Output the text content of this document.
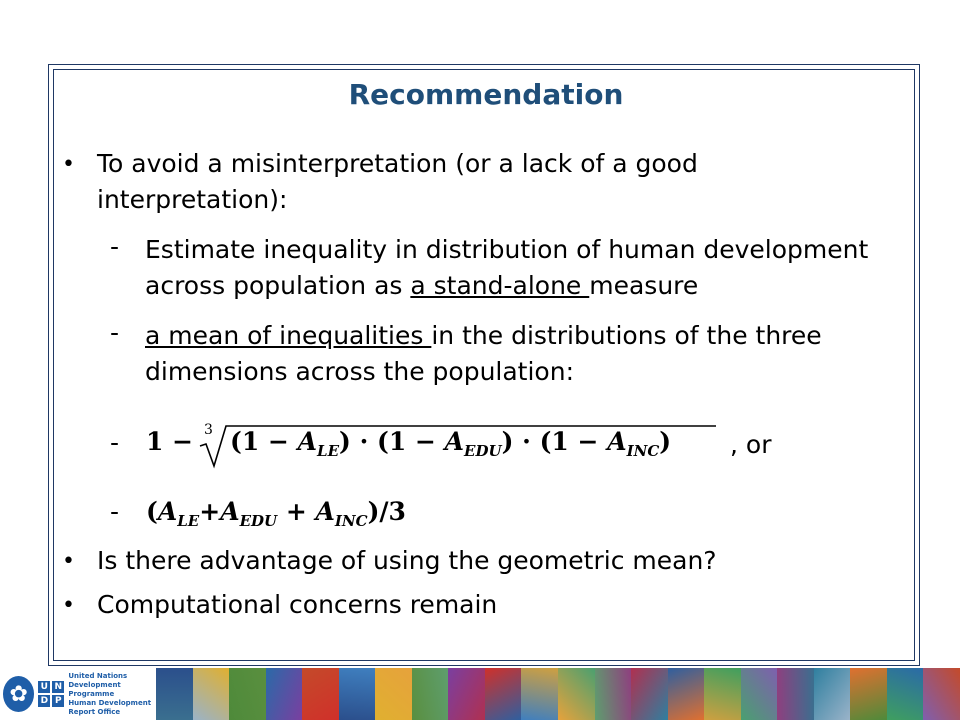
Recommendation
• To avoid a misinterpretation (or a lack of a good
interpretation):
- Estimate inequality in distribution of human development
across population as a stand-alone measure
- a mean of inequalities in the distributions of the three
dimensions across the population:
- 1 − 3 $(1 - A_{LE}) \cdot (1 - A_{EDU}) \cdot (1 - A_{INC})$ , or
- $(A_{LE}+A_{EDU} + A_{INC})/3$
• Is there advantage of using the geometric mean?
• Computational concerns remain
✿	U N
D P
United Nations
Development Programme
Human Development
Report Office
